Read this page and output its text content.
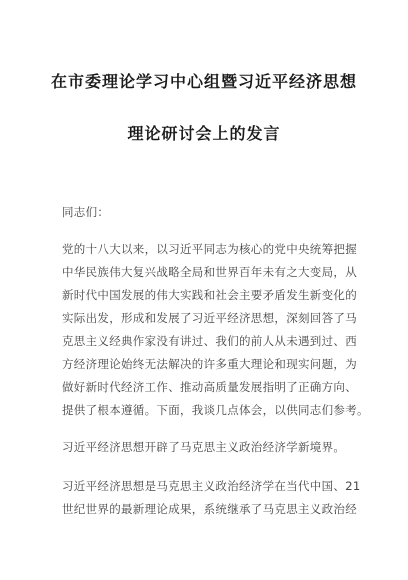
在市委理论学习中心组暨习近平经济思想
理论研讨会上的发言
同志们：
党的十八大以来，以习近平同志为核心的党中央统筹把握
中华民族伟大复兴战略全局和世界百年未有之大变局，从
新时代中国发展的伟大实践和社会主要矛盾发生新变化的
实际出发，形成和发展了习近平经济思想，深刻回答了马
克思主义经典作家没有讲过、我们的前人从未遇到过、西
方经济理论始终无法解决的许多重大理论和现实问题，为
做好新时代经济工作、推动高质量发展指明了正确方向、
提供了根本遵循。下面，我谈几点体会，以供同志们参考。
习近平经济思想开辟了马克思主义政治经济学新境界。
习近平经济思想是马克思主义政治经济学在当代中国、21
世纪世界的最新理论成果，系统继承了马克思主义政治经
